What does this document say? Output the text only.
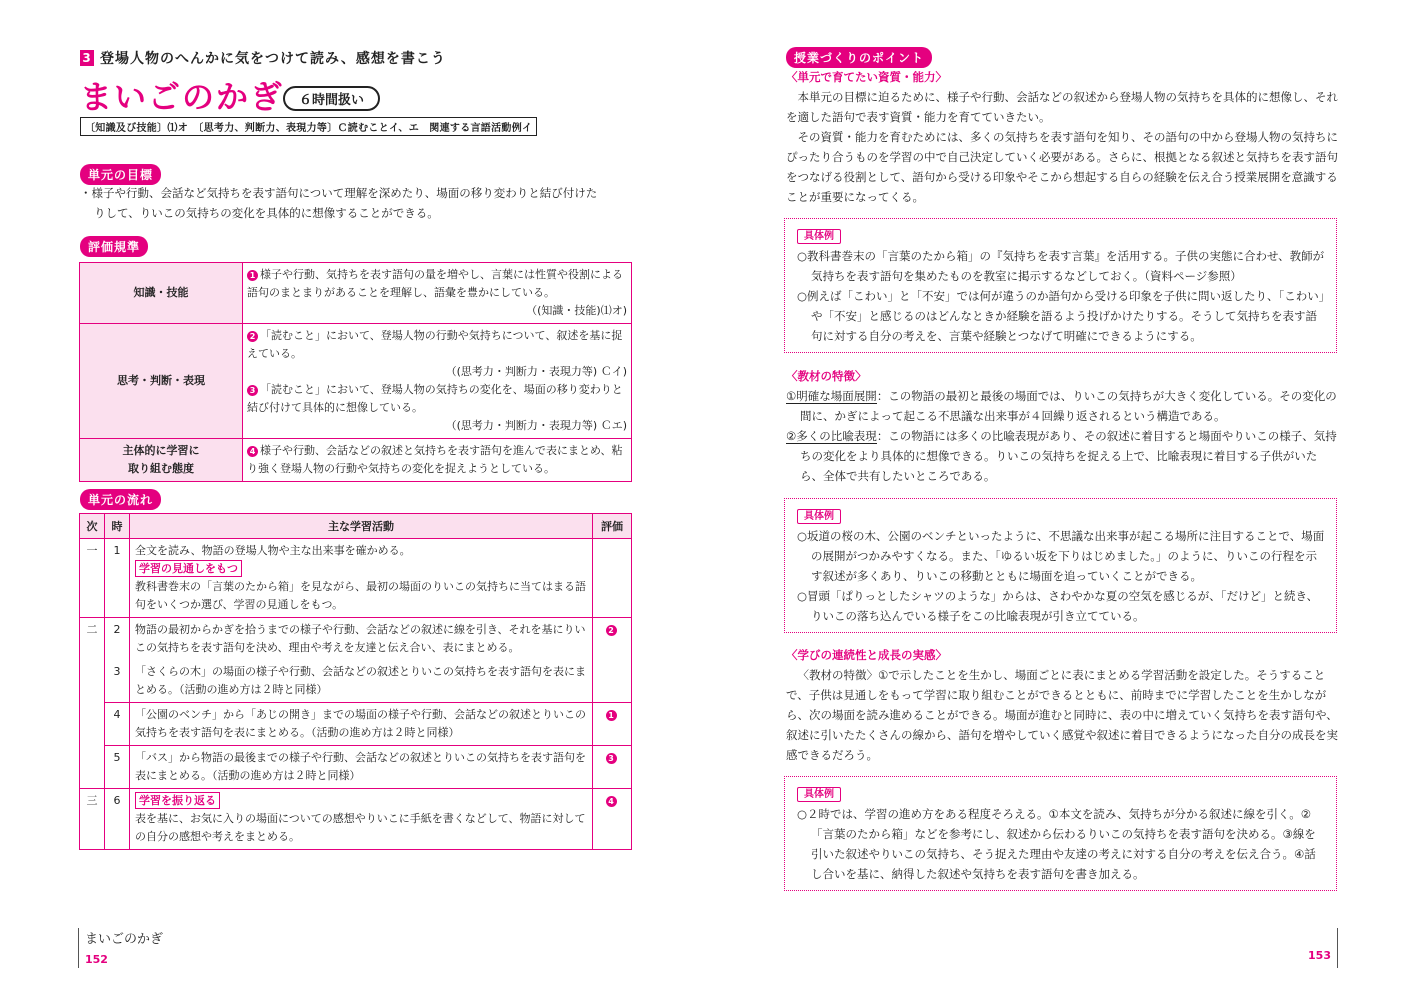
3 登場人物のへんかに気をつけて読み、感想を書こう
まいごのかぎ	６時間扱い
〔知識及び技能〕⑴オ　〔思考力、判断力、表現力等〕Ｃ読むことイ、エ　関連する言語活動例イ
単元の目標
・様子や行動、会話など気持ちを表す語句について理解を深めたり、場面の移り変わりと結び付けた
りして、りいこの気持ちの変化を具体的に想像することができる。
評価規準
知識・技能	1 様子や行動、気持ちを表す語句の量を増やし、言葉には性質や役割による語句のまとまりがあることを理解し、語彙を豊かにしている。
（(知識・技能)⑴オ)

思考・判断・表現	2 「読むこと」において、登場人物の行動や気持ちについて、叙述を基に捉えている。
（(思考力・判断力・表現力等) Ｃイ)
3 「読むこと」において、登場人物の気持ちの変化を、場面の移り変わりと結び付けて具体的に想像している。
（(思考力・判断力・表現力等) Ｃエ)

主体的に学習に
取り組む態度	4 様子や行動、会話などの叙述と気持ちを表す語句を進んで表にまとめ、粘り強く登場人物の行動や気持ちの変化を捉えようとしている。
単元の流れ
次	時	主な学習活動	評価
一	1	全文を読み、物語の登場人物や主な出来事を確かめる。
学習の見通しをもつ
教科書巻末の「言葉のたから箱」を見ながら、最初の場面のりいこの気持ちに当てはまる語句をいくつか選び、学習の見通しをもつ。	

二	2	物語の最初からかぎを拾うまでの様子や行動、会話などの叙述に線を引き、それを基にりいこの気持ちを表す語句を決め、理由や考えを友達と伝え合い、表にまとめる。	2
	3	「さくらの木」の場面の様子や行動、会話などの叙述とりいこの気持ちを表す語句を表にまとめる。（活動の進め方は２時と同様）	
	4	「公園のベンチ」から「あじの開き」までの場面の様子や行動、会話などの叙述とりいこの気持ちを表す語句を表にまとめる。（活動の進め方は２時と同様）	1
	5	「バス」から物語の最後までの様子や行動、会話などの叙述とりいこの気持ちを表す語句を表にまとめる。（活動の進め方は２時と同様）	3
三	6	学習を振り返る
表を基に、お気に入りの場面についての感想やりいこに手紙を書くなどして、物語に対しての自分の感想や考えをまとめる。	4
まいごのかぎ
152
授業づくりのポイント
〈単元で育てたい資質・能力〉

本単元の目標に迫るために、様子や行動、会話などの叙述から登場人物の気持ちを具体的に想像し、それを適した語句で表す資質・能力を育てていきたい。

その資質・能力を育むためには、多くの気持ちを表す語句を知り、その語句の中から登場人物の気持ちにぴったり合うものを学習の中で自己決定していく必要がある。さらに、根拠となる叙述と気持ちを表す語句をつなげる役割として、語句から受ける印象やそこから想起する自らの経験を伝え合う授業展開を意識することが重要になってくる。

具体例
○教科書巻末の「言葉のたから箱」の『気持ちを表す言葉』を活用する。子供の実態に合わせ、教師が気持ちを表す語句を集めたものを教室に掲示するなどしておく。（資料ページ参照）
○例えば「こわい」と「不安」では何が違うのか語句から受ける印象を子供に問い返したり、「こわい」や「不安」と感じるのはどんなときか経験を語るよう投げかけたりする。そうして気持ちを表す語句に対する自分の考えを、言葉や経験とつなげて明確にできるようにする。
〈教材の特徴〉

①明確な場面展開：この物語の最初と最後の場面では、りいこの気持ちが大きく変化している。その変化の間に、かぎによって起こる不思議な出来事が４回繰り返されるという構造である。

②多くの比喩表現：この物語には多くの比喩表現があり、その叙述に着目すると場面やりいこの様子、気持ちの変化をより具体的に想像できる。りいこの気持ちを捉える上で、比喩表現に着目する子供がいたら、全体で共有したいところである。

具体例
○坂道の桜の木、公園のベンチといったように、不思議な出来事が起こる場所に注目することで、場面の展開がつかみやすくなる。また、「ゆるい坂を下りはじめました。」のように、りいこの行程を示す叙述が多くあり、りいこの移動とともに場面を追っていくことができる。
○冒頭「ぱりっとしたシャツのような」からは、さわやかな夏の空気を感じるが、「だけど」と続き、りいこの落ち込んでいる様子をこの比喩表現が引き立てている。
〈学びの連続性と成長の実感〉

〈教材の特徴〉①で示したことを生かし、場面ごとに表にまとめる学習活動を設定した。そうすることで、子供は見通しをもって学習に取り組むことができるとともに、前時までに学習したことを生かしながら、次の場面を読み進めることができる。場面が進むと同時に、表の中に増えていく気持ちを表す語句や、叙述に引いたたくさんの線から、語句を増やしていく感覚や叙述に着目できるようになった自分の成長を実感できるだろう。

具体例
○２時では、学習の進め方をある程度そろえる。①本文を読み、気持ちが分かる叙述に線を引く。②「言葉のたから箱」などを参考にし、叙述から伝わるりいこの気持ちを表す語句を決める。③線を引いた叙述やりいこの気持ち、そう捉えた理由や友達の考えに対する自分の考えを伝え合う。④話し合いを基に、納得した叙述や気持ちを表す語句を書き加える。

153
